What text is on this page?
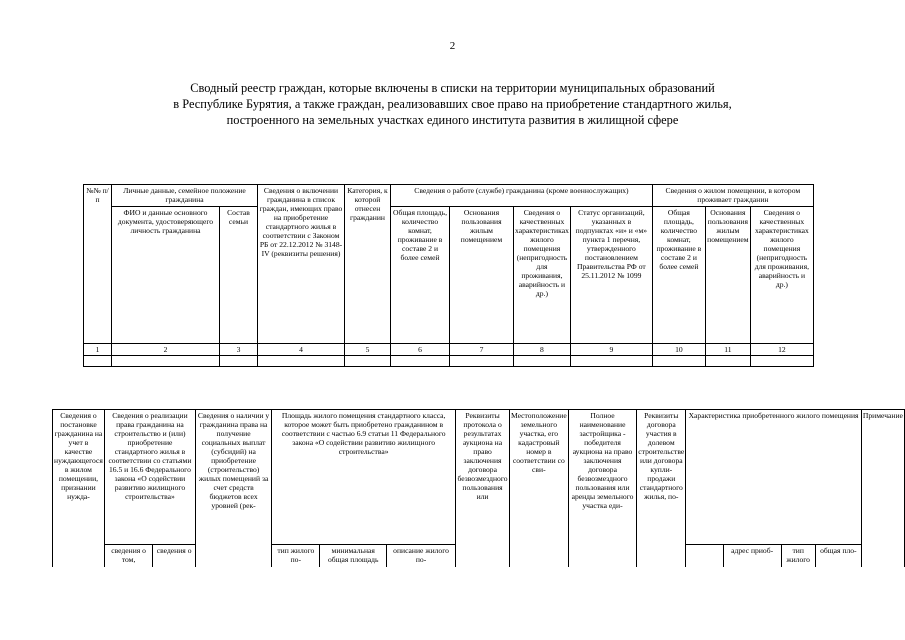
2
Сводный реестр граждан, которые включены в списки на территории муниципальных образований
в Республике Бурятия, а также граждан, реализовавших свое право на приобретение стандартного жилья,
построенного на земельных участках единого института развития в жилищной сфере
№№ п/п	Личные данные, семейное положение гражданина		Сведения о включении гражданина в список граждан, имеющих право на приобретение стандартного жилья в соответствии с Законом РБ от 22.12.2012 № 3148-IV (реквизиты решения)	Категория, к которой отнесен гражданин	Сведения о работе (службе) гражданина (кроме военнослужащих)				Сведения о жилом помещении, в котором проживает гражданин		
	ФИО и данные основного документа, удостоверяющего личность гражданина	Состав семьи			Общая площадь, количество комнат, проживание в составе 2 и более семей	Основания пользования жилым помещением	Сведения о качественных характеристиках жилого помещения (непригодность для проживания, аварийность и др.)	Статус организаций, указанных в подпунктах «и» и «м» пункта 1 перечня, утвержденного постановлением Правительства РФ от 25.11.2012 № 1099	Общая площадь, количество комнат, проживание в составе 2 и более семей	Основания пользования жилым помещением	Сведения о качественных характеристиках жилого помещения (непригодность для проживания, аварийность и др.)
1	2	3	4	5	6	7	8	9	10	11	12

Сведения о постановке гражданина на учет в качестве нуждающегося в жилом помещении, признании нужда-	Сведения о реализации права гражданина на строительство и (или) приобретение стандартного жилья в соответствии со статьями 16.5 и 16.6 Федерального закона «О содействии развитию жилищного строительства»		Сведения о наличии у гражданина права на получение социальных выплат (субсидий) на приобретение (строительство) жилых помещений за счет средств бюджетов всех уровней (рек-	Площадь жилого помещения стандартного класса, которое может быть приобретено гражданином в соответствии с частью 6.9 статьи 11 Федерального закона «О содействии развитию жилищного строительства»			Реквизиты протокола о результатах аукциона на право заключения договора безвозмездного пользования или	Местоположение земельного участка, его кадастровый номер в соответствии со сви-	Полное наименование застройщика - победителя аукциона на право заключения договора безвозмездного пользования или аренды земельного участка еди-	Реквизиты договора участия в долевом строительстве или договора купли-продажи стандартного жилья, по-	Характеристика приобретенного жилого помещения				Примечание
	сведения о том,	сведения о		тип жилого по-	минимальная общая площадь	описание жилого по-						адрес приоб-	тип жилого	общая пло-	
